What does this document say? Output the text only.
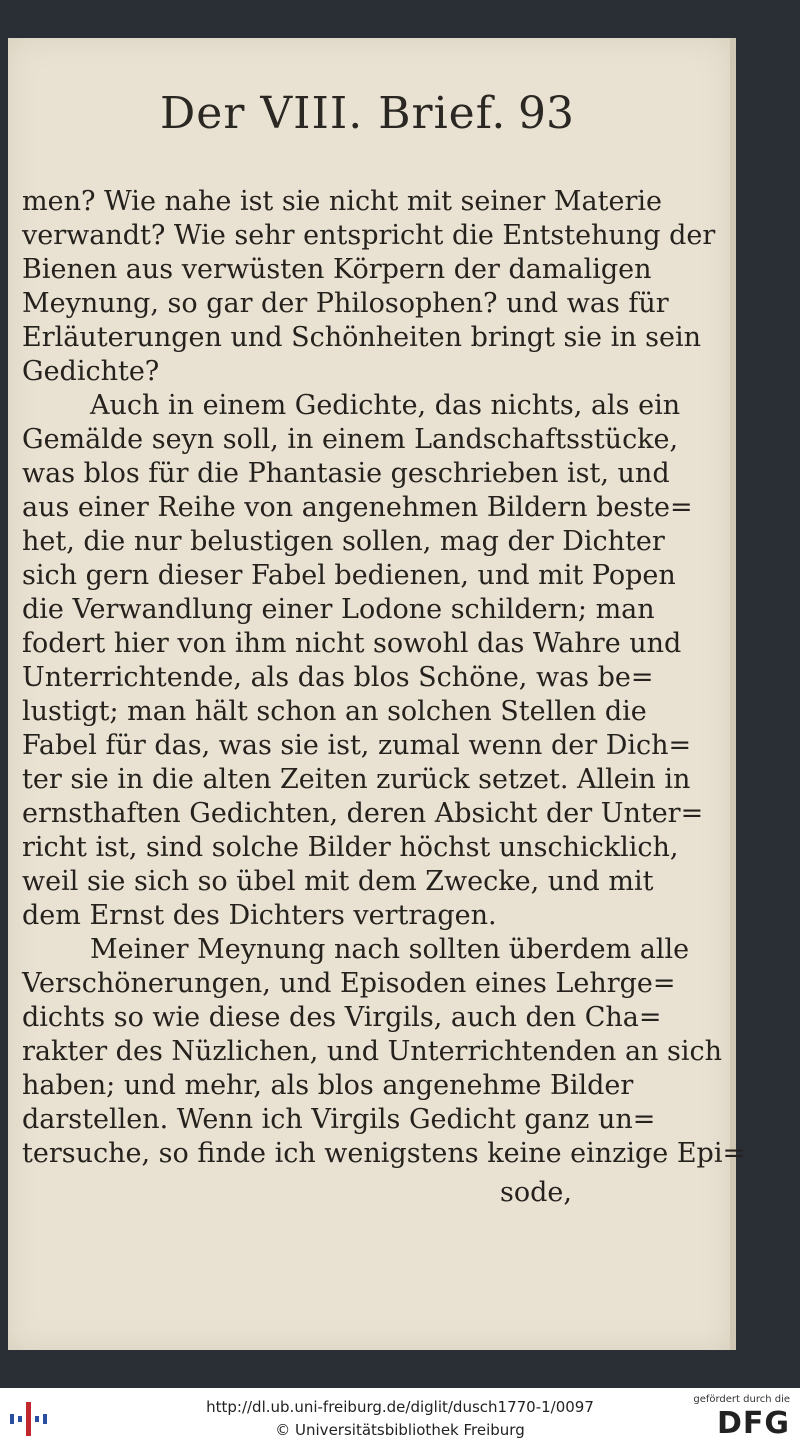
Der VIII. Brief. 93
men? Wie nahe ist sie nicht mit seiner Materie
verwandt? Wie sehr entspricht die Entstehung der
Bienen aus verwüsten Körpern der damaligen
Meynung, so gar der Philosophen? und was für
Erläuterungen und Schönheiten bringt sie in sein
Gedichte?
Auch in einem Gedichte, das nichts, als ein
Gemälde seyn soll, in einem Landschaftsstücke,
was blos für die Phantasie geschrieben ist, und
aus einer Reihe von angenehmen Bildern beste=
het, die nur belustigen sollen, mag der Dichter
sich gern dieser Fabel bedienen, und mit Popen
die Verwandlung einer Lodone schildern; man
fodert hier von ihm nicht sowohl das Wahre und
Unterrichtende, als das blos Schöne, was be=
lustigt; man hält schon an solchen Stellen die
Fabel für das, was sie ist, zumal wenn der Dich=
ter sie in die alten Zeiten zurück setzet. Allein in
ernsthaften Gedichten, deren Absicht der Unter=
richt ist, sind solche Bilder höchst unschicklich,
weil sie sich so übel mit dem Zwecke, und mit
dem Ernst des Dichters vertragen.
Meiner Meynung nach sollten überdem alle
Verschönerungen, und Episoden eines Lehrge=
dichts so wie diese des Virgils, auch den Cha=
rakter des Nüzlichen, und Unterrichtenden an sich
haben; und mehr, als blos angenehme Bilder
darstellen. Wenn ich Virgils Gedicht ganz un=
tersuche, so finde ich wenigstens keine einzige Epi=
sode,
http://dl.ub.uni-freiburg.de/diglit/dusch1770-1/0097
© Universitätsbibliothek Freiburg
gefördert durch die
DFG
